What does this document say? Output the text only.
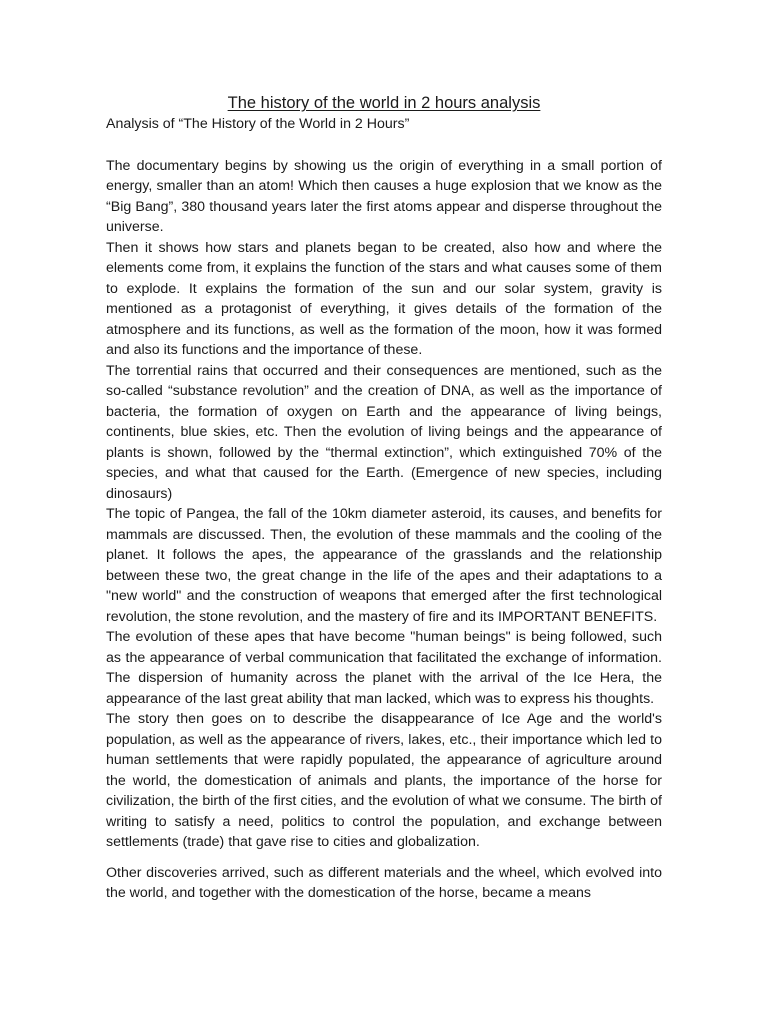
The history of the world in 2 hours analysis

Analysis of “The History of the World in 2 Hours”

The documentary begins by showing us the origin of everything in a small portion of energy, smaller than an atom! Which then causes a huge explosion that we know as the “Big Bang”, 380 thousand years later the first atoms appear and disperse throughout the universe.

Then it shows how stars and planets began to be created, also how and where the elements come from, it explains the function of the stars and what causes some of them to explode. It explains the formation of the sun and our solar system, gravity is mentioned as a protagonist of everything, it gives details of the formation of the atmosphere and its functions, as well as the formation of the moon, how it was formed and also its functions and the importance of these.

The torrential rains that occurred and their consequences are mentioned, such as the so-called “substance revolution” and the creation of DNA, as well as the importance of bacteria, the formation of oxygen on Earth and the appearance of living beings, continents, blue skies, etc. Then the evolution of living beings and the appearance of plants is shown, followed by the “thermal extinction”, which extinguished 70% of the species, and what that caused for the Earth. (Emergence of new species, including dinosaurs)

The topic of Pangea, the fall of the 10km diameter asteroid, its causes, and benefits for mammals are discussed. Then, the evolution of these mammals and the cooling of the planet. It follows the apes, the appearance of the grasslands and the relationship between these two, the great change in the life of the apes and their adaptations to a "new world" and the construction of weapons that emerged after the first technological revolution, the stone revolution, and the mastery of fire and its IMPORTANT BENEFITS.

The evolution of these apes that have become "human beings" is being followed, such as the appearance of verbal communication that facilitated the exchange of information. The dispersion of humanity across the planet with the arrival of the Ice Hera, the appearance of the last great ability that man lacked, which was to express his thoughts.

The story then goes on to describe the disappearance of Ice Age and the world's population, as well as the appearance of rivers, lakes, etc., their importance which led to human settlements that were rapidly populated, the appearance of agriculture around the world, the domestication of animals and plants, the importance of the horse for civilization, the birth of the first cities, and the evolution of what we consume. The birth of writing to satisfy a need, politics to control the population, and exchange between settlements (trade) that gave rise to cities and globalization.

Other discoveries arrived, such as different materials and the wheel, which evolved into the world, and together with the domestication of the horse, became a means
